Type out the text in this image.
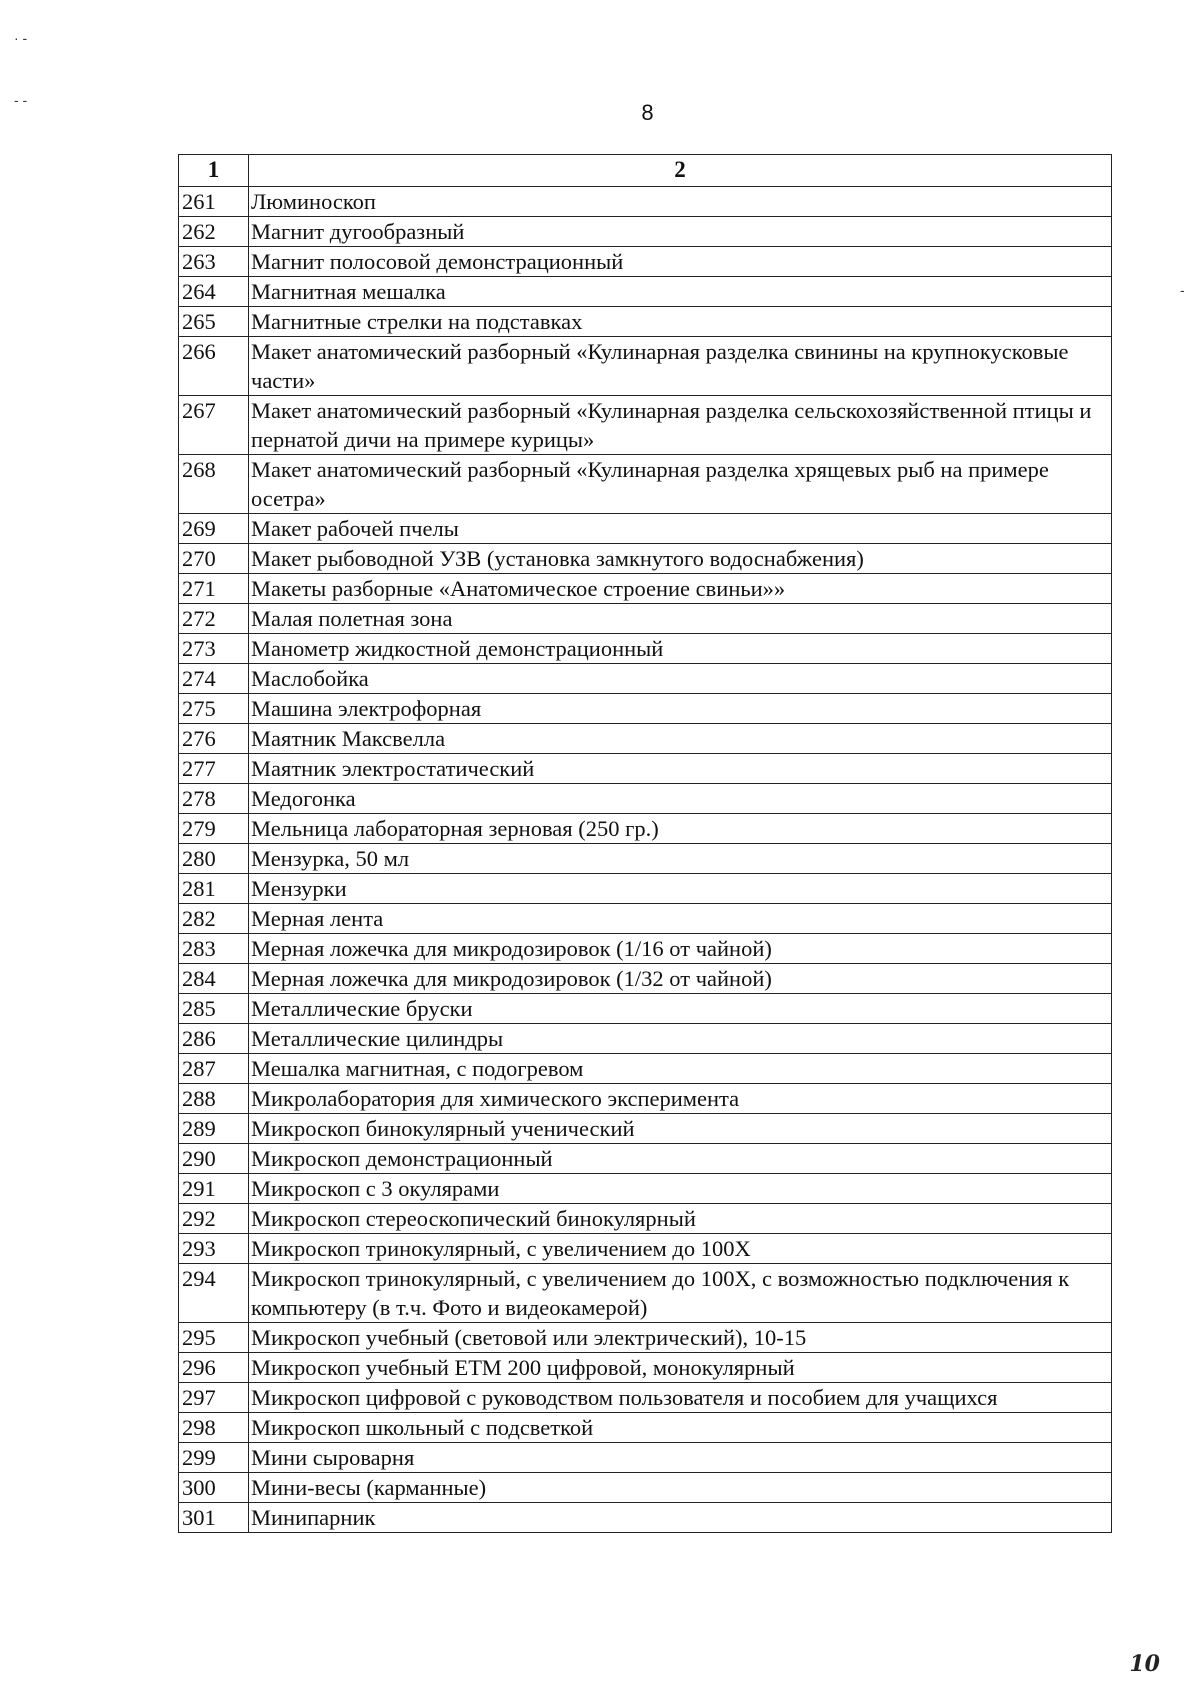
· -
- -
-
8
1	2
261	Люминоскоп
262	Магнит дугообразный
263	Магнит полосовой демонстрационный
264	Магнитная мешалка
265	Магнитные стрелки на подставках
266	Макет анатомический разборный «Кулинарная разделка свинины на крупнокусковые части»
267	Макет анатомический разборный «Кулинарная разделка сельскохозяйственной птицы и пернатой дичи на примере курицы»
268	Макет анатомический разборный «Кулинарная разделка хрящевых рыб на примере осетра»
269	Макет рабочей пчелы
270	Макет рыбоводной УЗВ (установка замкнутого водоснабжения)
271	Макеты разборные «Анатомическое строение свиньи»»
272	Малая полетная зона
273	Манометр жидкостной демонстрационный
274	Маслобойка
275	Машина электрофорная
276	Маятник Максвелла
277	Маятник электростатический
278	Медогонка
279	Мельница лабораторная зерновая (250 гр.)
280	Мензурка, 50 мл
281	Мензурки
282	Мерная лента
283	Мерная ложечка для микродозировок (1/16 от чайной)
284	Мерная ложечка для микродозировок (1/32 от чайной)
285	Металлические бруски
286	Металлические цилиндры
287	Мешалка магнитная, с подогревом
288	Микролаборатория для химического эксперимента
289	Микроскоп бинокулярный ученический
290	Микроскоп демонстрационный
291	Микроскоп с 3 окулярами
292	Микроскоп стереоскопический бинокулярный
293	Микроскоп тринокулярный, с увеличением до 100Х
294	Микроскоп тринокулярный, с увеличением до 100Х, с возможностью подключения к компьютеру (в т.ч. Фото и видеокамерой)
295	Микроскоп учебный (световой или электрический), 10-15
296	Микроскоп учебный ЕТМ 200 цифровой, монокулярный
297	Микроскоп цифровой с руководством пользователя и пособием для учащихся
298	Микроскоп школьный с подсветкой
299	Мини сыроварня
300	Мини-весы (карманные)
301	Минипарник
10
